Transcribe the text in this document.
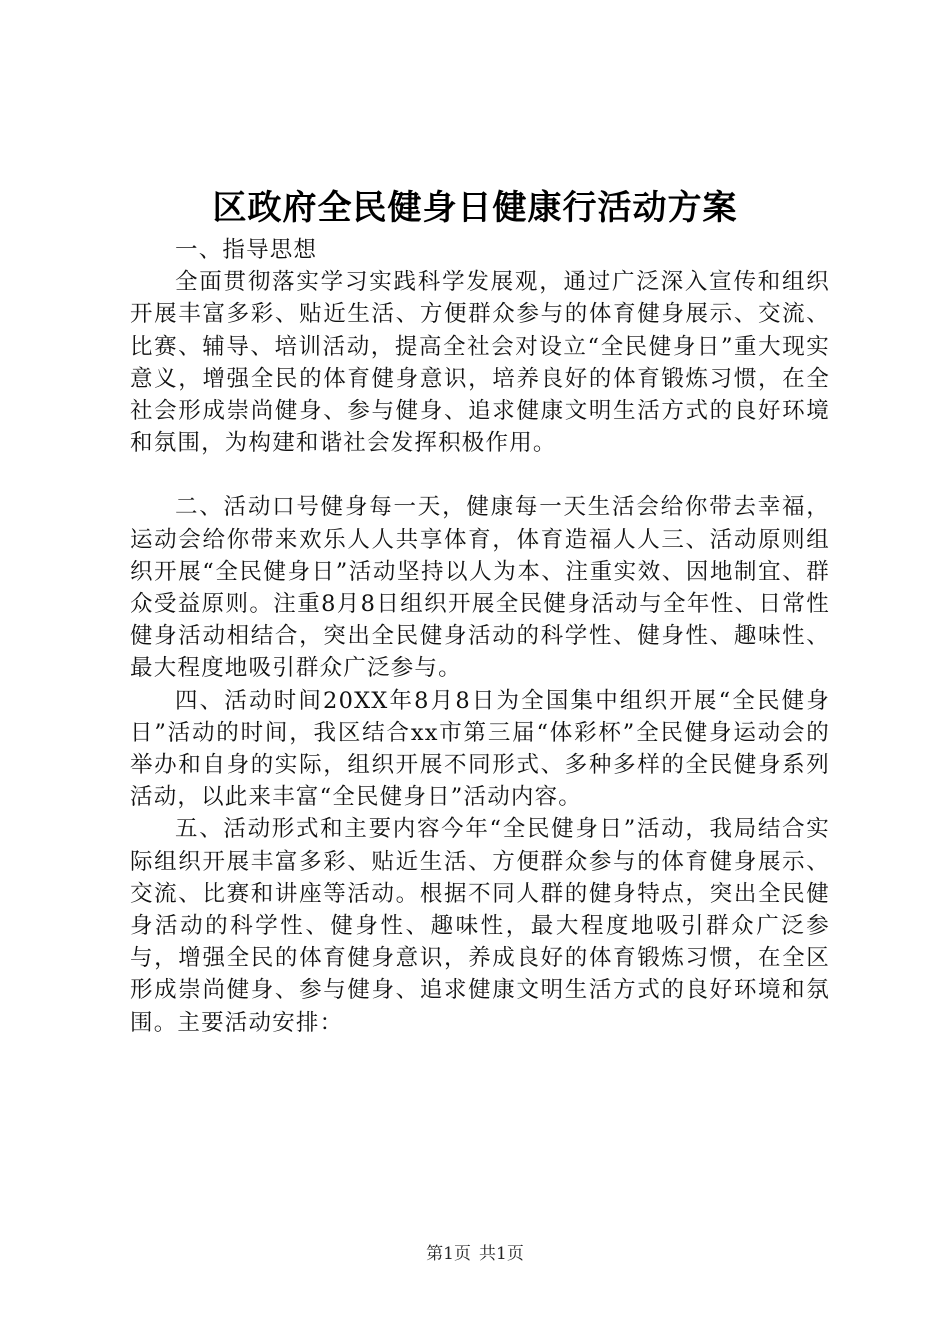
区政府全民健身日健康行活动方案

一、指导思想

全面贯彻落实学习实践科学发展观，通过广泛深入宣传和组织开展丰富多彩、贴近生活、方便群众参与的体育健身展示、交流、比赛、辅导、培训活动，提高全社会对设立“全民健身日”重大现实意义，增强全民的体育健身意识，培养良好的体育锻炼习惯，在全社会形成崇尚健身、参与健身、追求健康文明生活方式的良好环境和氛围，为构建和谐社会发挥积极作用。

二、活动口号健身每一天，健康每一天生活会给你带去幸福，运动会给你带来欢乐人人共享体育，体育造福人人三、活动原则组织开展“全民健身日”活动坚持以人为本、注重实效、因地制宜、群众受益原则。注重8月8日组织开展全民健身活动与全年性、日常性健身活动相结合，突出全民健身活动的科学性、健身性、趣味性、最大程度地吸引群众广泛参与。

四、活动时间20XX年8月8日为全国集中组织开展“全民健身日”活动的时间，我区结合xx市第三届“体彩杯”全民健身运动会的举办和自身的实际，组织开展不同形式、多种多样的全民健身系列活动，以此来丰富“全民健身日”活动内容。

五、活动形式和主要内容今年“全民健身日”活动，我局结合实际组织开展丰富多彩、贴近生活、方便群众参与的体育健身展示、交流、比赛和讲座等活动。根据不同人群的健身特点，突出全民健身活动的科学性、健身性、趣味性，最大程度地吸引群众广泛参与，增强全民的体育健身意识，养成良好的体育锻炼习惯，在全区形成崇尚健身、参与健身、追求健康文明生活方式的良好环境和氛围。主要活动安排：

第1页 共1页
